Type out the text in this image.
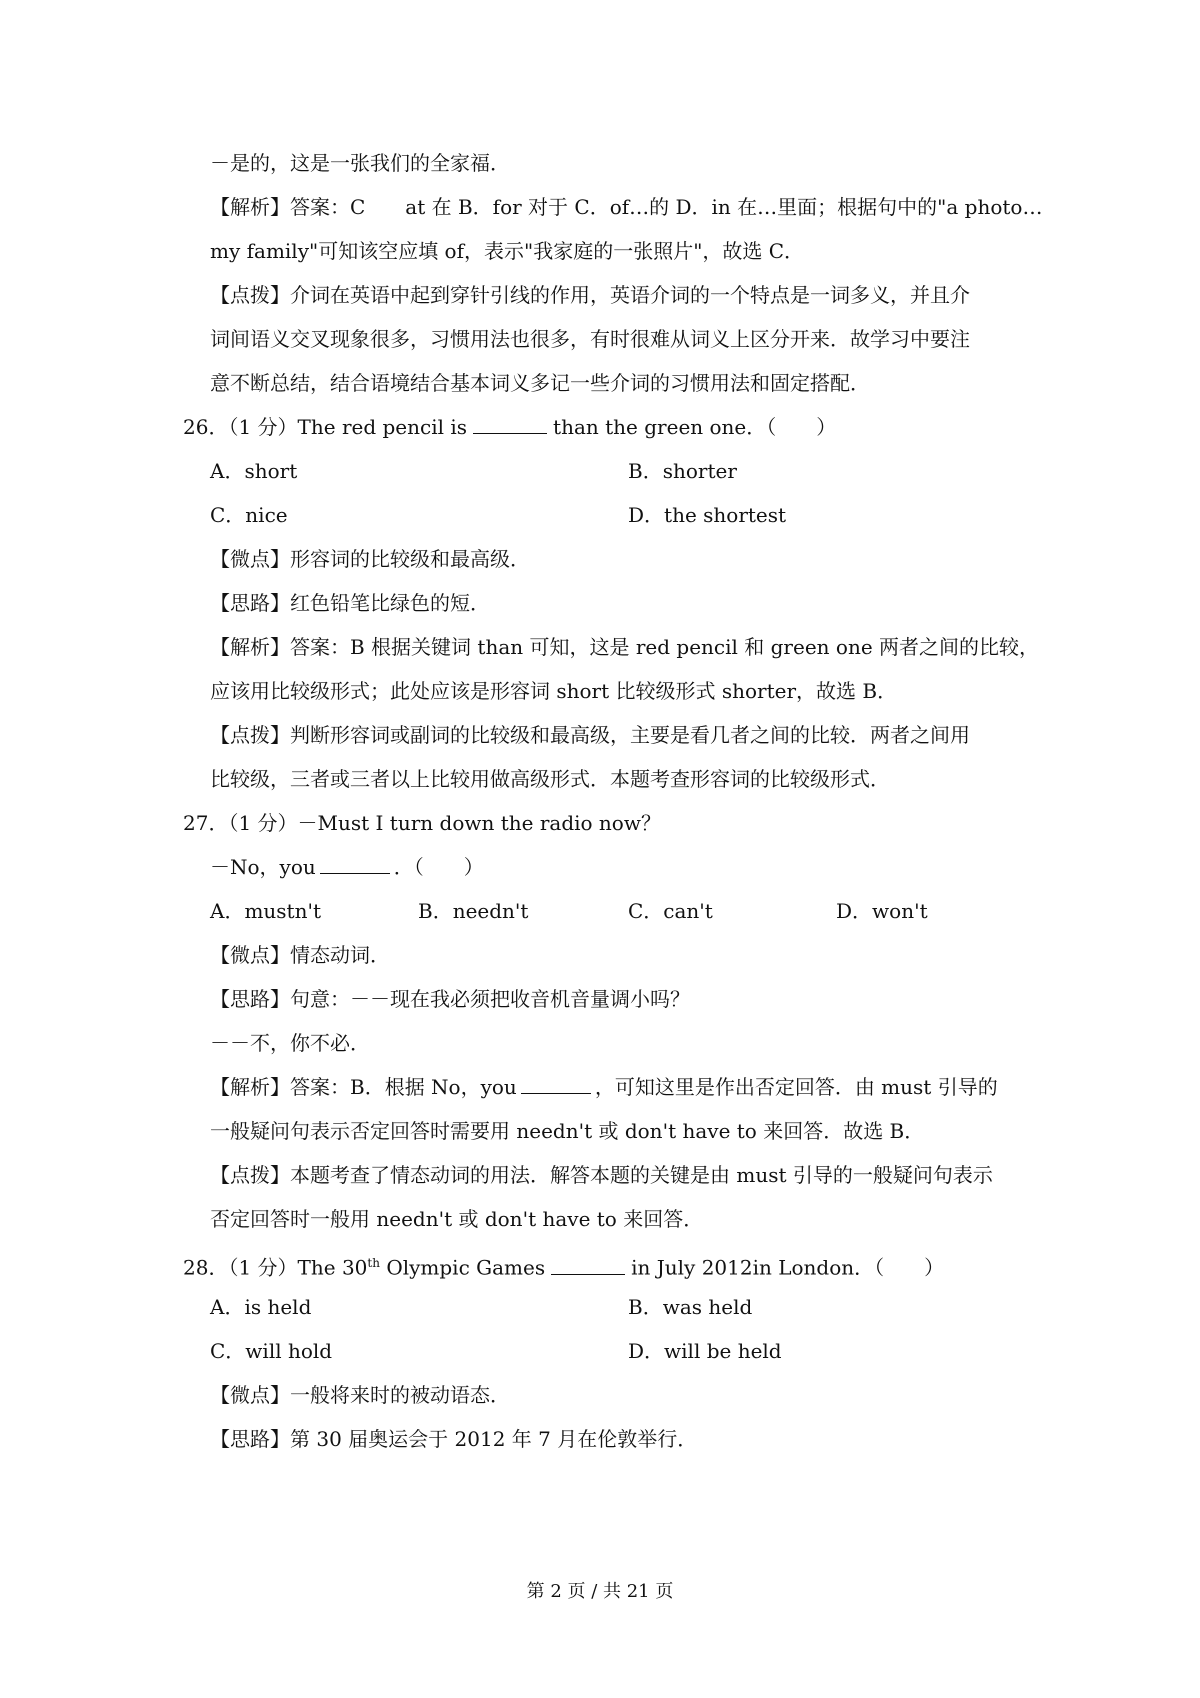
－是的，这是一张我们的全家福．
【解析】答案：C　　at 在 B．for 对于 C．of…的 D．in 在…里面；根据句中的"a photo…
my family"可知该空应填 of，表示"我家庭的一张照片"，故选 C．
【点拨】介词在英语中起到穿针引线的作用，英语介词的一个特点是一词多义，并且介
词间语义交叉现象很多，习惯用法也很多，有时很难从词义上区分开来．故学习中要注
意不断总结，结合语境结合基本词义多记一些介词的习惯用法和固定搭配．
26．（1 分）The red pencil is	than the green one．（　　）
A．short	B．shorter
C．nice	D．the shortest
【微点】形容词的比较级和最高级．
【思路】红色铅笔比绿色的短．
【解析】答案：B 根据关键词 than 可知，这是 red pencil 和 green one 两者之间的比较，
应该用比较级形式；此处应该是形容词 short 比较级形式 shorter，故选 B．
【点拨】判断形容词或副词的比较级和最高级，主要是看几者之间的比较．两者之间用
比较级，三者或三者以上比较用做高级形式．本题考查形容词的比较级形式．
27．（1 分）－Must I turn down the radio now？
－No，you	．（　　）
A．mustn't	B．needn't	C．can't	D．won't
【微点】情态动词．
【思路】句意：－－现在我必须把收音机音量调小吗？
－－不，你不必．
【解析】答案：B．根据 No，you	，可知这里是作出否定回答．由 must 引导的
一般疑问句表示否定回答时需要用 needn't 或 don't have to 来回答．故选 B．
【点拨】本题考查了情态动词的用法．解答本题的关键是由 must 引导的一般疑问句表示
否定回答时一般用 needn't 或 don't have to 来回答．
28．（1 分）The 30th Olympic Games	in July 2012in London．（　　）
A．is held	B．was held
C．will hold	D．will be held
【微点】一般将来时的被动语态．
【思路】第 30 届奥运会于 2012 年 7 月在伦敦举行．
第 2 页 / 共 21 页
